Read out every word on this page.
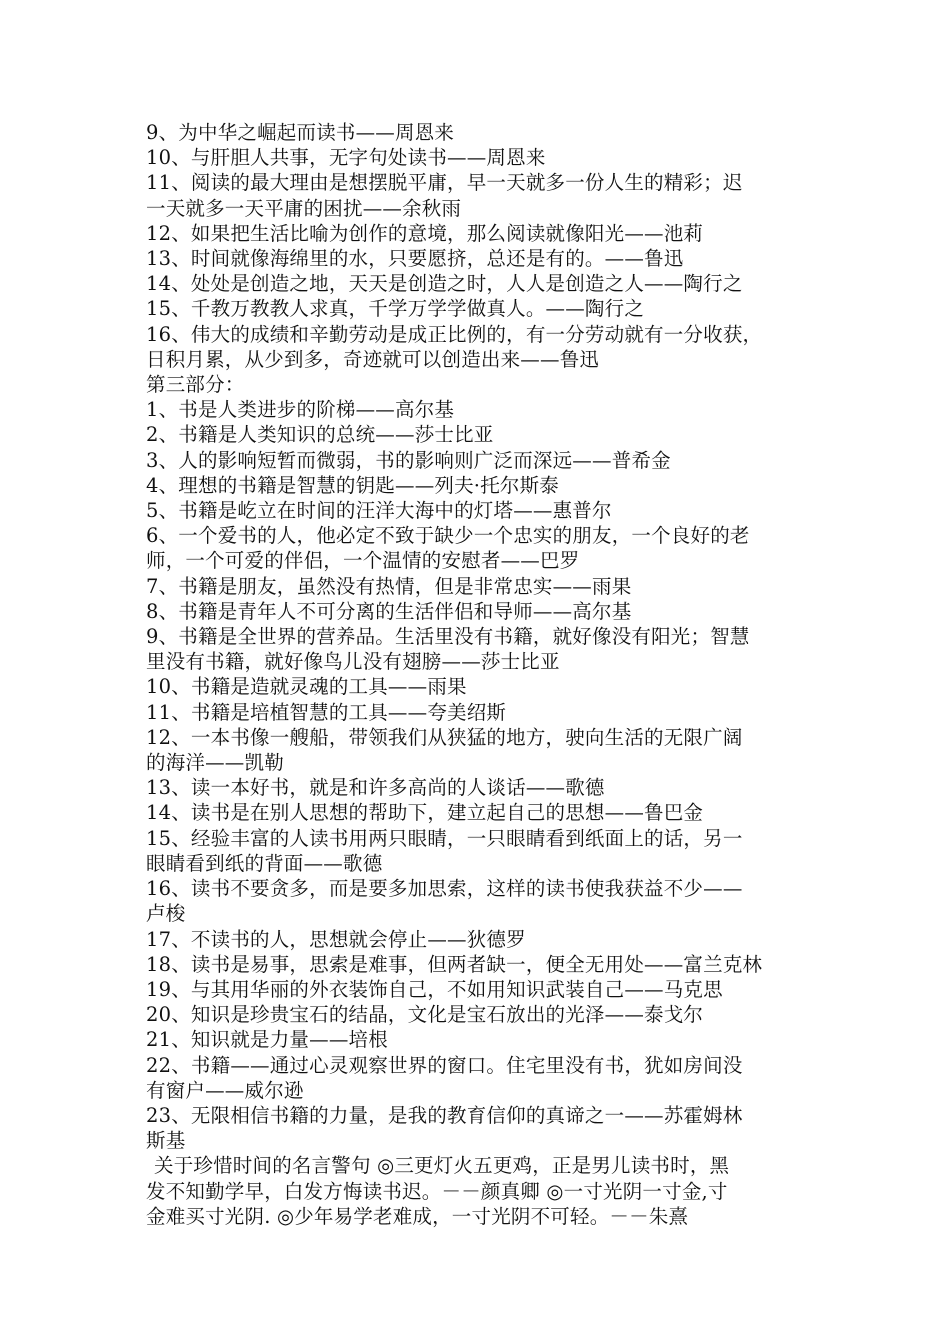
9、为中华之崛起而读书——周恩来
10、与肝胆人共事，无字句处读书——周恩来
11、阅读的最大理由是想摆脱平庸，早一天就多一份人生的精彩；迟
一天就多一天平庸的困扰——余秋雨
12、如果把生活比喻为创作的意境，那么阅读就像阳光——池莉
13、时间就像海绵里的水，只要愿挤，总还是有的。——鲁迅
14、处处是创造之地，天天是创造之时，人人是创造之人——陶行之
15、千教万教教人求真，千学万学学做真人。——陶行之
16、伟大的成绩和辛勤劳动是成正比例的，有一分劳动就有一分收获，
日积月累，从少到多，奇迹就可以创造出来——鲁迅
第三部分：
1、书是人类进步的阶梯——高尔基
2、书籍是人类知识的总统——莎士比亚
3、人的影响短暂而微弱，书的影响则广泛而深远——普希金
4、理想的书籍是智慧的钥匙——列夫·托尔斯泰
5、书籍是屹立在时间的汪洋大海中的灯塔——惠普尔
6、一个爱书的人，他必定不致于缺少一个忠实的朋友，一个良好的老
师，一个可爱的伴侣，一个温情的安慰者——巴罗
7、书籍是朋友，虽然没有热情，但是非常忠实——雨果
8、书籍是青年人不可分离的生活伴侣和导师——高尔基
9、书籍是全世界的营养品。生活里没有书籍，就好像没有阳光；智慧
里没有书籍，就好像鸟儿没有翅膀——莎士比亚
10、书籍是造就灵魂的工具——雨果
11、书籍是培植智慧的工具——夸美绍斯
12、一本书像一艘船，带领我们从狭猛的地方，驶向生活的无限广阔
的海洋——凯勒
13、读一本好书，就是和许多高尚的人谈话——歌德
14、读书是在别人思想的帮助下，建立起自己的思想——鲁巴金
15、经验丰富的人读书用两只眼睛，一只眼睛看到纸面上的话，另一
眼睛看到纸的背面——歌德
16、读书不要贪多，而是要多加思索，这样的读书使我获益不少——
卢梭
17、不读书的人，思想就会停止——狄德罗
18、读书是易事，思索是难事，但两者缺一，便全无用处——富兰克林
19、与其用华丽的外衣装饰自己，不如用知识武装自己——马克思
20、知识是珍贵宝石的结晶，文化是宝石放出的光泽——泰戈尔
21、知识就是力量——培根
22、书籍——通过心灵观察世界的窗口。住宅里没有书，犹如房间没
有窗户——威尔逊
23、无限相信书籍的力量，是我的教育信仰的真谛之一——苏霍姆林
斯基
关于珍惜时间的名言警句 ◎三更灯火五更鸡，正是男儿读书时，黑
发不知勤学早，白发方悔读书迟。－－颜真卿 ◎一寸光阴一寸金,寸
金难买寸光阴. ◎少年易学老难成，一寸光阴不可轻。－－朱熹
